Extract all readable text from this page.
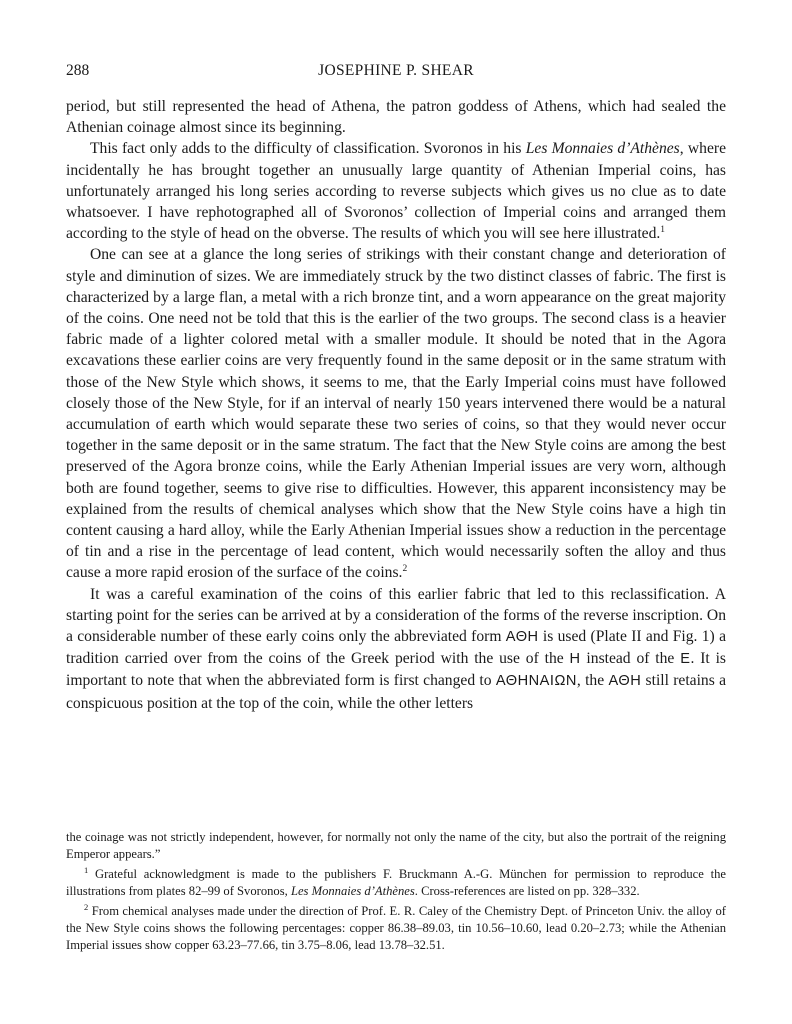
288	JOSEPHINE P. SHEAR

period, but still represented the head of Athena, the patron goddess of Athens, which had sealed the Athenian coinage almost since its beginning.

This fact only adds to the difficulty of classification. Svoronos in his Les Monnaies d’Athènes, where incidentally he has brought together an unusually large quantity of Athenian Imperial coins, has unfortunately arranged his long series according to reverse subjects which gives us no clue as to date whatsoever. I have rephotographed all of Svoronos’ collection of Imperial coins and arranged them according to the style of head on the obverse. The results of which you will see here illustrated.$^1$

One can see at a glance the long series of strikings with their constant change and deterioration of style and diminution of sizes. We are immediately struck by the two distinct classes of fabric. The first is characterized by a large flan, a metal with a rich bronze tint, and a worn appearance on the great majority of the coins. One need not be told that this is the earlier of the two groups. The second class is a heavier fabric made of a lighter colored metal with a smaller module. It should be noted that in the Agora excavations these earlier coins are very frequently found in the same deposit or in the same stratum with those of the New Style which shows, it seems to me, that the Early Imperial coins must have followed closely those of the New Style, for if an interval of nearly 150 years intervened there would be a natural accumulation of earth which would separate these two series of coins, so that they would never occur together in the same deposit or in the same stratum. The fact that the New Style coins are among the best preserved of the Agora bronze coins, while the Early Athenian Imperial issues are very worn, although both are found together, seems to give rise to difficulties. However, this apparent inconsistency may be explained from the results of chemical analyses which show that the New Style coins have a high tin content causing a hard alloy, while the Early Athenian Imperial issues show a reduction in the percentage of tin and a rise in the percentage of lead content, which would necessarily soften the alloy and thus cause a more rapid erosion of the surface of the coins.$^2$

It was a careful examination of the coins of this earlier fabric that led to this reclassification. A starting point for the series can be arrived at by a consideration of the forms of the reverse inscription. On a considerable number of these early coins only the abbreviated form ΑΘΗ is used (Plate II and Fig. 1) a tradition carried over from the coins of the Greek period with the use of the Η instead of the Ε. It is important to note that when the abbreviated form is first changed to ΑΘΗΝΑΙΩΝ, the ΑΘΗ still retains a conspicuous position at the top of the coin, while the other letters

the coinage was not strictly independent, however, for normally not only the name of the city, but also the portrait of the reigning Emperor appears.”

$^1$ Grateful acknowledgment is made to the publishers F. Bruckmann A.-G. München for permission to reproduce the illustrations from plates 82–99 of Svoronos, Les Monnaies d’Athènes. Cross-references are listed on pp. 328–332.

$^2$ From chemical analyses made under the direction of Prof. E. R. Caley of the Chemistry Dept. of Princeton Univ. the alloy of the New Style coins shows the following percentages: copper 86.38–89.03, tin 10.56–10.60, lead 0.20–2.73; while the Athenian Imperial issues show copper 63.23–77.66, tin 3.75–8.06, lead 13.78–32.51.
